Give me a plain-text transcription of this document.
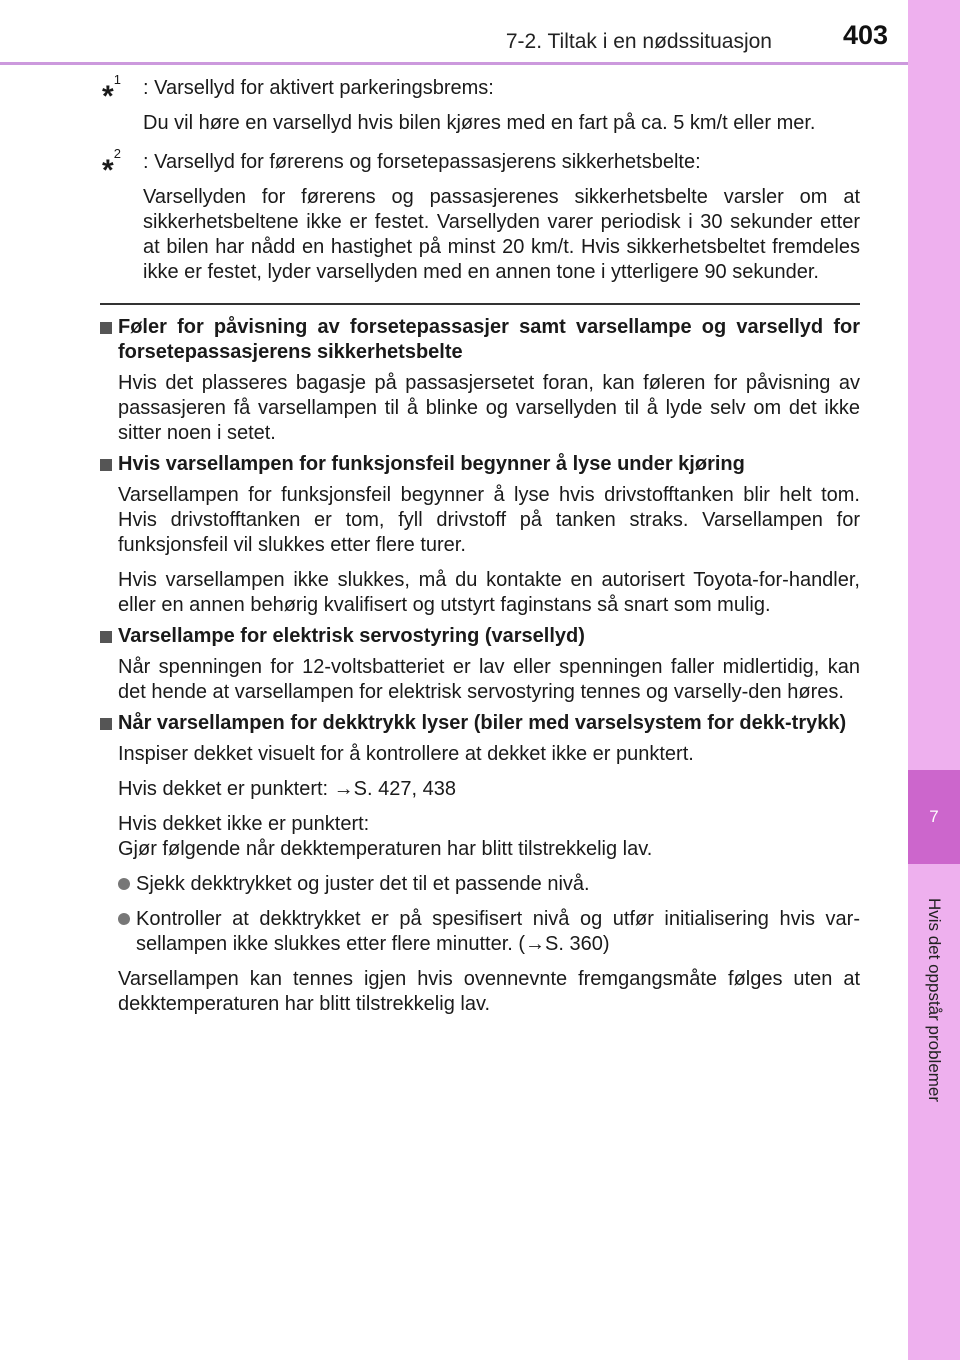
7-2. Tiltak i en nødssituasjon	403
7
Hvis det oppstår problemer
*$^1$	: Varsellyd for aktivert parkeringsbrems:

Du vil høre en varsellyd hvis bilen kjøres med en fart på ca. 5 km/t eller mer.

*$^2$	: Varsellyd for førerens og forsetepassasjerens sikkerhetsbelte:

Varsellyden for førerens og passasjerenes sikkerhetsbelte varsler om at sikkerhetsbeltene ikke er festet. Varsellyden varer periodisk i 30 sekunder etter at bilen har nådd en hastighet på minst 20 km/t. Hvis sikkerhetsbeltet fremdeles ikke er festet, lyder varsellyden med en annen tone i ytterligere 90 sekunder.

Føler for påvisning av forsetepassasjer samt varsellampe og varsellyd for forsetepassasjerens sikkerhetsbelte
Hvis det plasseres bagasje på passasjersetet foran, kan føleren for påvisning av passasjeren få varsellampen til å blinke og varsellyden til å lyde selv om det ikke sitter noen i setet.
Hvis varsellampen for funksjonsfeil begynner å lyse under kjøring
Varsellampen for funksjonsfeil begynner å lyse hvis drivstofftanken blir helt tom. Hvis drivstofftanken er tom, fyll drivstoff på tanken straks. Varsellampen for funksjonsfeil vil slukkes etter flere turer.
Hvis varsellampen ikke slukkes, må du kontakte en autorisert Toyota-for-handler, eller en annen behørig kvalifisert og utstyrt faginstans så snart som mulig.
Varsellampe for elektrisk servostyring (varsellyd)
Når spenningen for 12-voltsbatteriet er lav eller spenningen faller midlertidig, kan det hende at varsellampen for elektrisk servostyring tennes og varselly-den høres.
Når varsellampen for dekktrykk lyser (biler med varselsystem for dekk-trykk)
Inspiser dekket visuelt for å kontrollere at dekket ikke er punktert.
Hvis dekket er punktert: →S. 427, 438
Hvis dekket ikke er punktert:
Gjør følgende når dekktemperaturen har blitt tilstrekkelig lav.
Sjekk dekktrykket og juster det til et passende nivå.
Kontroller at dekktrykket er på spesifisert nivå og utfør initialisering hvis var-sellampen ikke slukkes etter flere minutter. (→S. 360)
Varsellampen kan tennes igjen hvis ovennevnte fremgangsmåte følges uten at dekktemperaturen har blitt tilstrekkelig lav.
